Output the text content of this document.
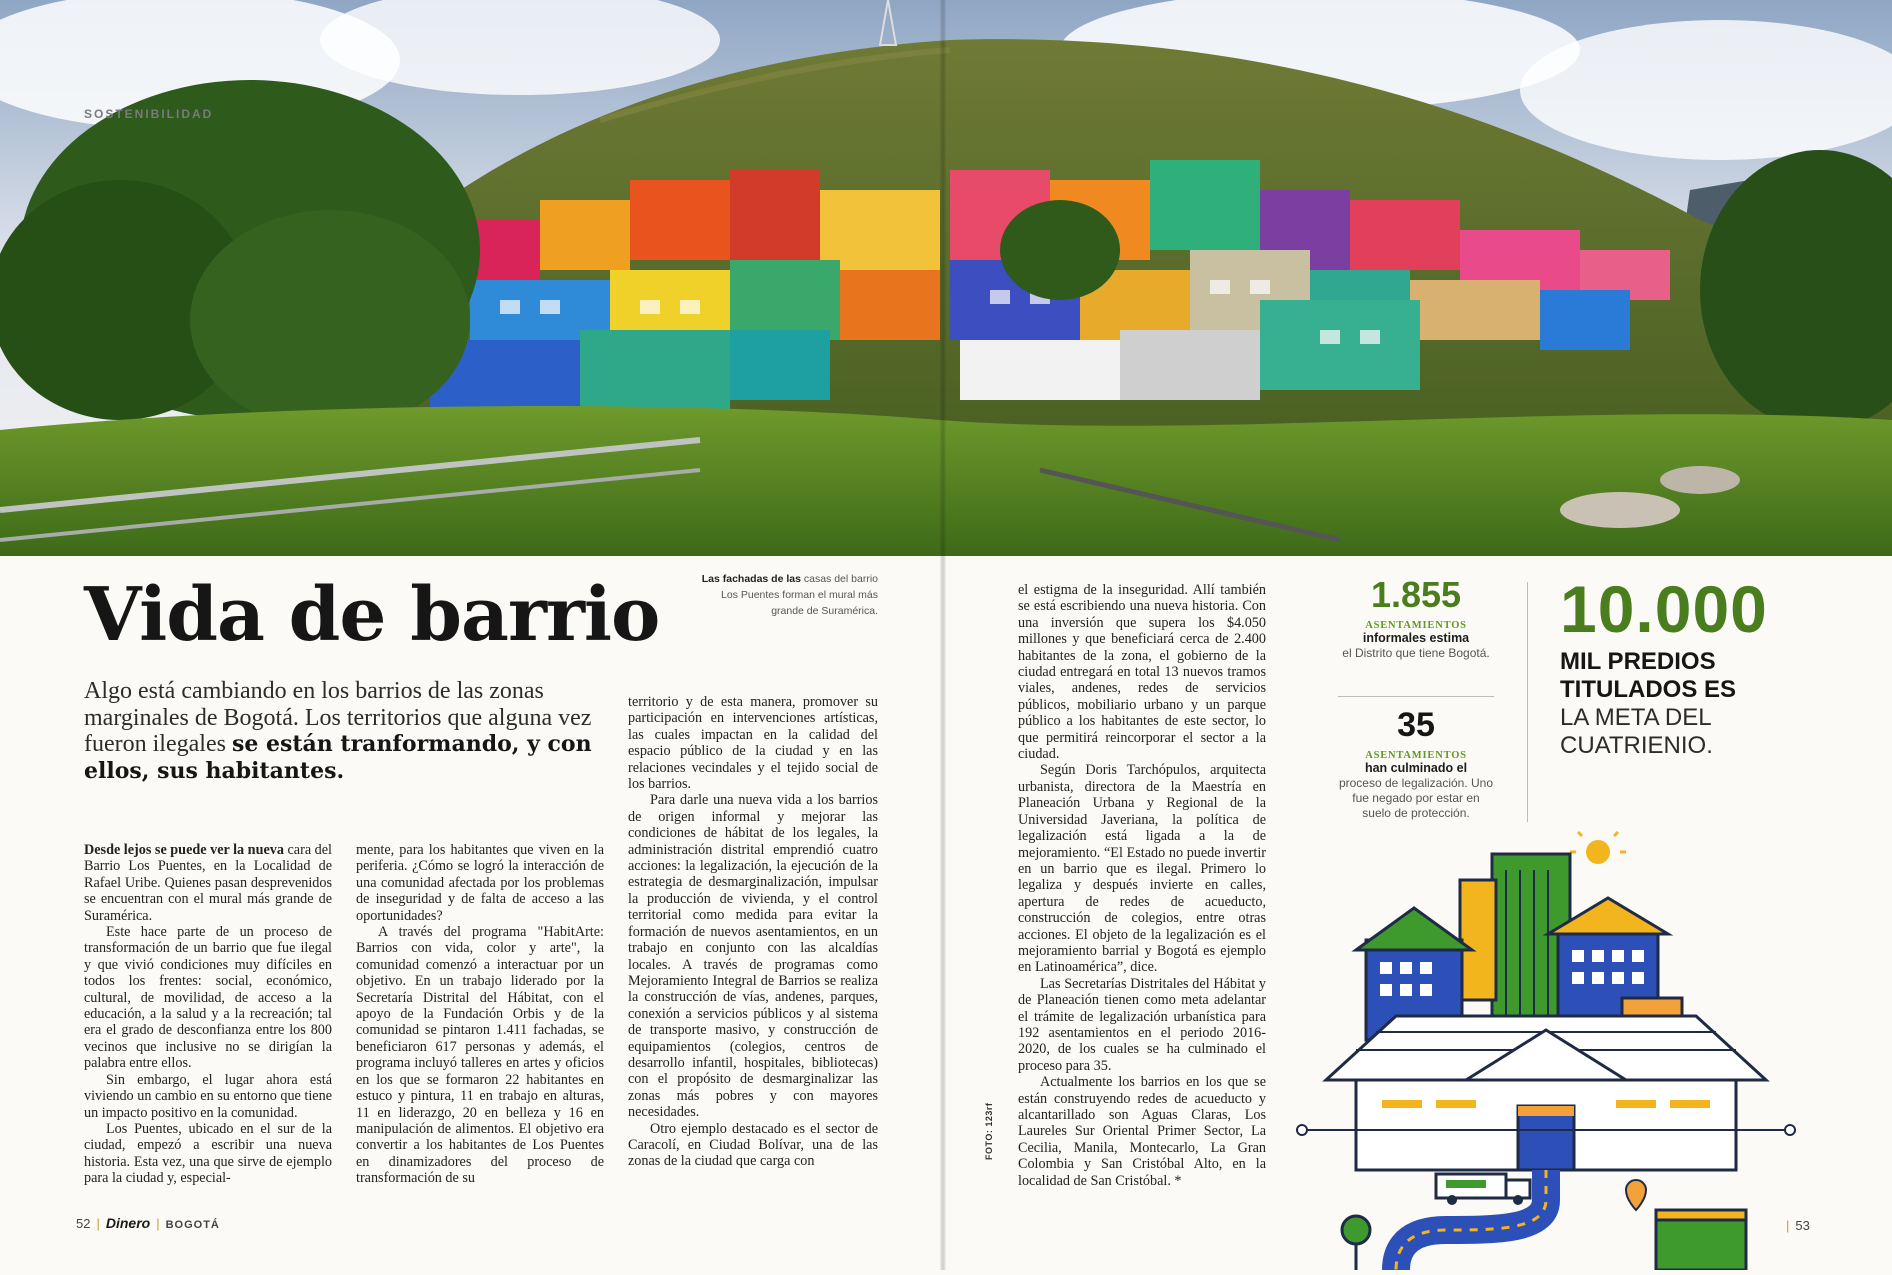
SOSTENIBILIDAD
Vida de barrio	Las fachadas de las casas del barrio Los Puentes forman el mural más grande de Suramérica.
Algo está cambiando en los barrios de las zonas marginales de Bogotá. Los territorios que alguna vez fueron ilegales se están tranformando, y con ellos, sus habitantes.

Desde lejos se puede ver la nueva cara del Barrio Los Puentes, en la Localidad de Rafael Uribe. Quienes pasan desprevenidos se encuentran con el mural más grande de Suramérica.

Este hace parte de un proceso de transformación de un barrio que fue ilegal y que vivió condiciones muy difíciles en todos los frentes: social, económico, cultural, de movilidad, de acceso a la educación, a la salud y a la recreación; tal era el grado de desconfianza entre los 800 vecinos que inclusive no se dirigían la palabra entre ellos.

Sin embargo, el lugar ahora está viviendo un cambio en su entorno que tiene un impacto positivo en la comunidad.

Los Puentes, ubicado en el sur de la ciudad, empezó a escribir una nueva historia. Esta vez, una que sirve de ejemplo para la ciudad y, especial-

mente, para los habitantes que viven en la periferia. ¿Cómo se logró la interacción de una comunidad afectada por los problemas de inseguridad y de falta de acceso a las oportunidades?

A través del programa "HabitArte: Barrios con vida, color y arte", la comunidad comenzó a interactuar por un objetivo. En un trabajo liderado por la Secretaría Distrital del Hábitat, con el apoyo de la Fundación Orbis y de la comunidad se pintaron 1.411 fachadas, se beneficiaron 617 personas y además, el programa incluyó talleres en artes y oficios en los que se formaron 22 habitantes en estuco y pintura, 11 en trabajo en alturas, 11 en liderazgo, 20 en belleza y 16 en manipulación de alimentos. El objetivo era convertir a los habitantes de Los Puentes en dinamizadores del proceso de transformación de su

territorio y de esta manera, promover su participación en intervenciones artísticas, las cuales impactan en la calidad del espacio público de la ciudad y en las relaciones vecindales y el tejido social de los barrios.

Para darle una nueva vida a los barrios de origen informal y mejorar las condiciones de hábitat de los legales, la administración distrital emprendió cuatro acciones: la legalización, la ejecución de la estrategia de desmarginalización, impulsar la producción de vivienda, y el control territorial como medida para evitar la formación de nuevos asentamientos, en un trabajo en conjunto con las alcaldías locales. A través de programas como Mejoramiento Integral de Barrios se realiza la construcción de vías, andenes, parques, conexión a servicios públicos y al sistema de transporte masivo, y construcción de equipamientos (colegios, centros de desarrollo infantil, hospitales, bibliotecas) con el propósito de desmarginalizar las zonas más pobres y con mayores necesidades.

Otro ejemplo destacado es el sector de Caracolí, en Ciudad Bolívar, una de las zonas de la ciudad que carga con

52 | Dinero | BOGOTÁ

el estigma de la inseguridad. Allí también se está escribiendo una nueva historia. Con una inversión que supera los $4.050 millones y que beneficiará cerca de 2.400 habitantes de la zona, el gobierno de la ciudad entregará en total 13 nuevos tramos viales, andenes, redes de servicios públicos, mobiliario urbano y un parque público a los habitantes de este sector, lo que permitirá reincorporar el sector a la ciudad.

Según Doris Tarchópulos, arquitecta urbanista, directora de la Maestría en Planeación Urbana y Regional de la Universidad Javeriana, la política de legalización está ligada a la de mejoramiento. “El Estado no puede invertir en un barrio que es ilegal. Primero lo legaliza y después invierte en calles, apertura de redes de acueducto, construcción de colegios, entre otras acciones. El objeto de la legalización es el mejoramiento barrial y Bogotá es ejemplo en Latinoamérica”, dice.

Las Secretarías Distritales del Hábitat y de Planeación tienen como meta adelantar el trámite de legalización urbanística para 192 asentamientos en el periodo 2016-2020, de los cuales se ha culminado el proceso para 35.

Actualmente los barrios en los que se están construyendo redes de acueducto y alcantarillado son Aguas Claras, Los Laureles Sur Oriental Primer Sector, La Cecilia, Manila, Montecarlo, La Gran Colombia y San Cristóbal Alto, en la localidad de San Cristóbal. *

FOTO: 123rf
1.855
ASENTAMIENTOS
informales estima
el Distrito que tiene Bogotá.
35
ASENTAMIENTOS
han culminado el
proceso de legalización. Uno fue negado por estar en suelo de protección.
10.000
MIL PREDIOS TITULADOS ES
LA META DEL CUATRIENIO.
| 53
